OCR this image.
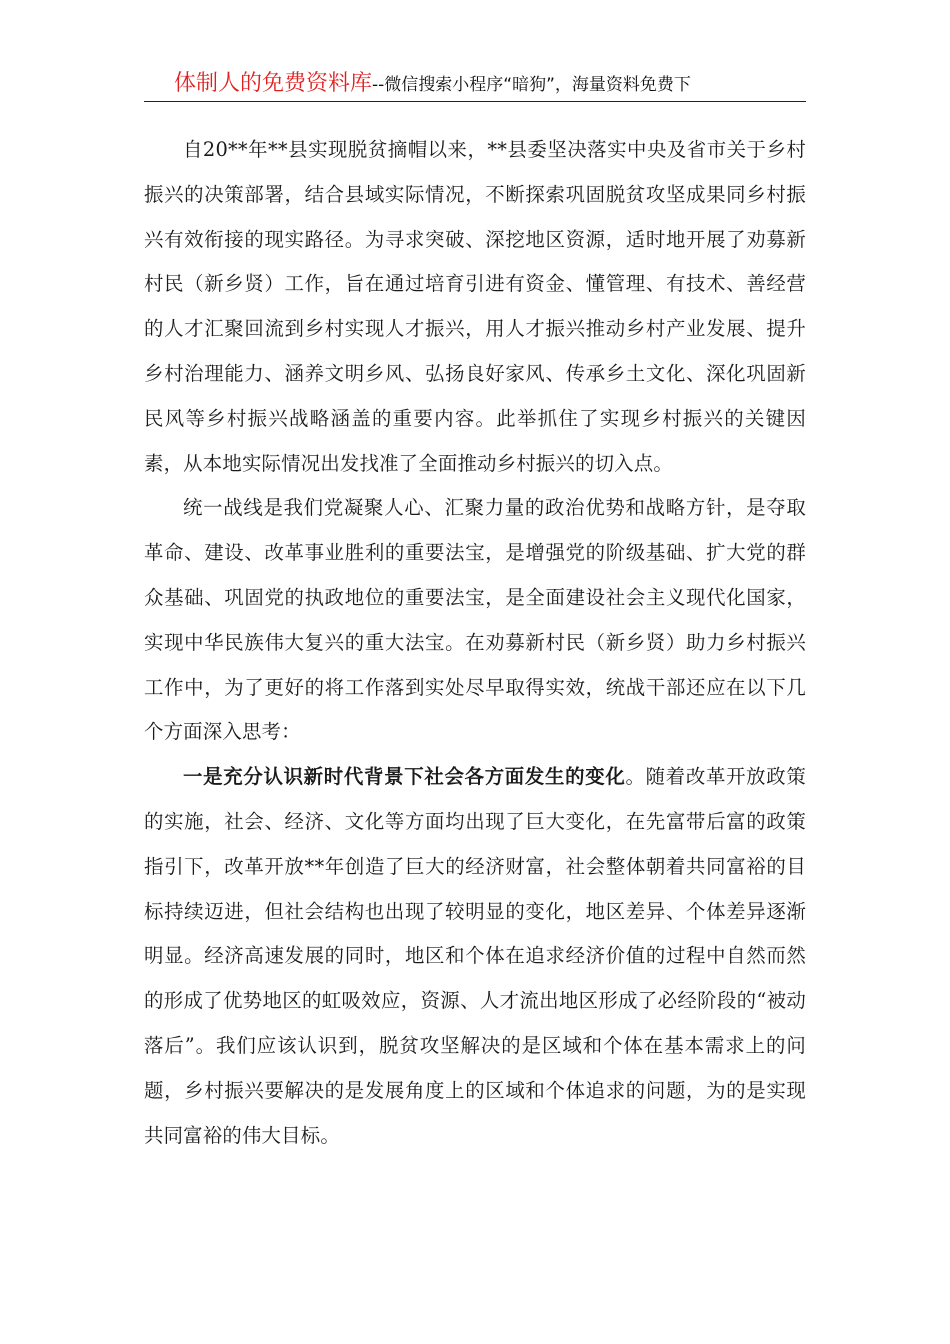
体制人的免费资料库--微信搜索小程序“暗狗”，海量资料免费下

自20**年**县实现脱贫摘帽以来，**县委坚决落实中央及省市关于乡村振兴的决策部署，结合县域实际情况，不断探索巩固脱贫攻坚成果同乡村振兴有效衔接的现实路径。为寻求突破、深挖地区资源，适时地开展了劝募新村民（新乡贤）工作，旨在通过培育引进有资金、懂管理、有技术、善经营的人才汇聚回流到乡村实现人才振兴，用人才振兴推动乡村产业发展、提升乡村治理能力、涵养文明乡风、弘扬良好家风、传承乡土文化、深化巩固新民风等乡村振兴战略涵盖的重要内容。此举抓住了实现乡村振兴的关键因素，从本地实际情况出发找准了全面推动乡村振兴的切入点。

统一战线是我们党凝聚人心、汇聚力量的政治优势和战略方针，是夺取革命、建设、改革事业胜利的重要法宝，是增强党的阶级基础、扩大党的群众基础、巩固党的执政地位的重要法宝，是全面建设社会主义现代化国家，实现中华民族伟大复兴的重大法宝。在劝募新村民（新乡贤）助力乡村振兴工作中，为了更好的将工作落到实处尽早取得实效，统战干部还应在以下几个方面深入思考：

一是充分认识新时代背景下社会各方面发生的变化。随着改革开放政策的实施，社会、经济、文化等方面均出现了巨大变化，在先富带后富的政策指引下，改革开放**年创造了巨大的经济财富，社会整体朝着共同富裕的目标持续迈进，但社会结构也出现了较明显的变化，地区差异、个体差异逐渐明显。经济高速发展的同时，地区和个体在追求经济价值的过程中自然而然的形成了优势地区的虹吸效应，资源、人才流出地区形成了必经阶段的“被动落后”。我们应该认识到，脱贫攻坚解决的是区域和个体在基本需求上的问题，乡村振兴要解决的是发展角度上的区域和个体追求的问题，为的是实现共同富裕的伟大目标。
